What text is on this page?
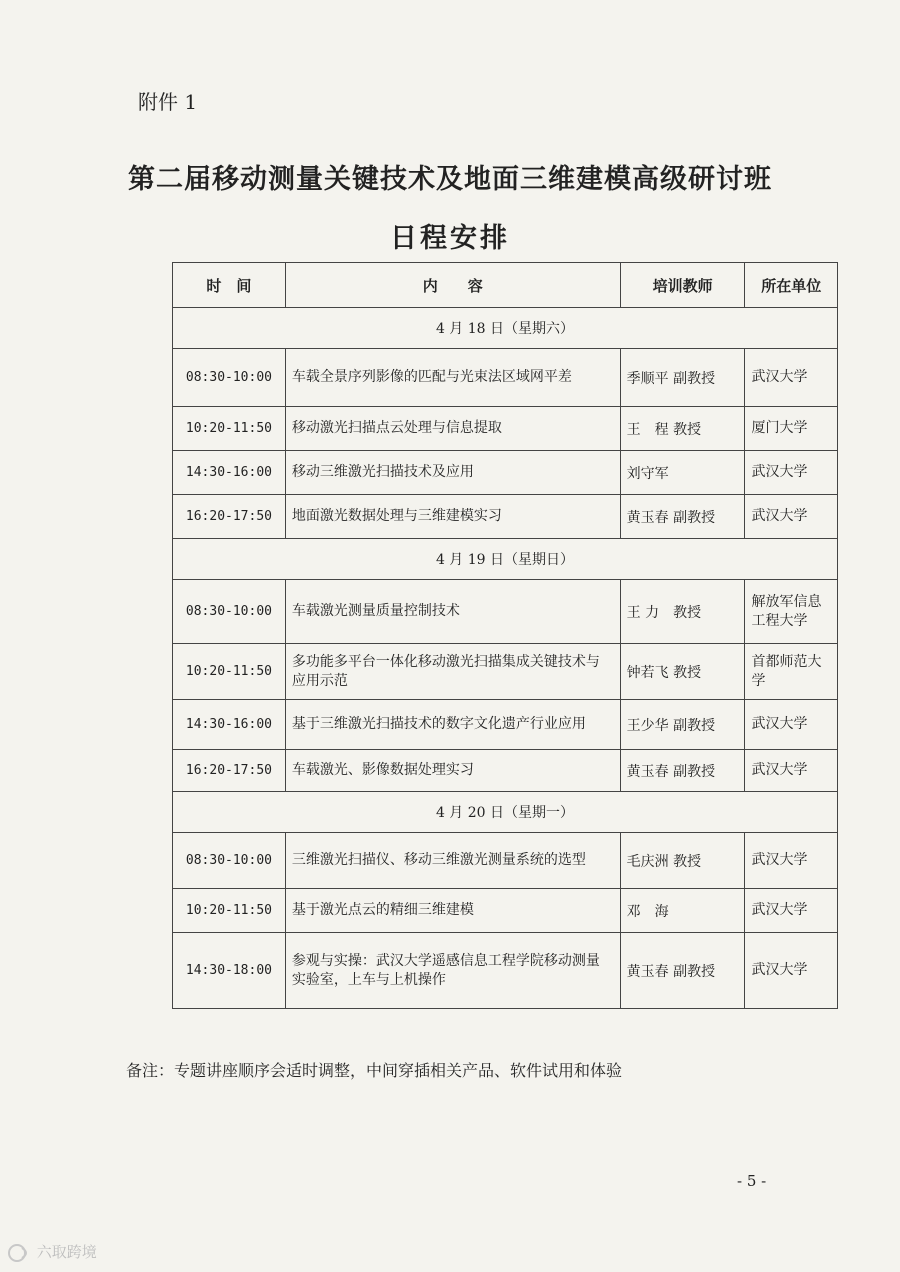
附件 1
第二届移动测量关键技术及地面三维建模高级研讨班
日程安排
时　间	内　　容	培训教师	所在单位
4 月 18 日（星期六）			
08:30-10:00	车载全景序列影像的匹配与光束法区域网平差	季顺平 副教授	武汉大学
10:20-11:50	移动激光扫描点云处理与信息提取	王　程 教授	厦门大学
14:30-16:00	移动三维激光扫描技术及应用	刘守军	武汉大学
16:20-17:50	地面激光数据处理与三维建模实习	黄玉春 副教授	武汉大学
4 月 19 日（星期日）			
08:30-10:00	车载激光测量质量控制技术	王 力　教授	解放军信息工程大学
10:20-11:50	多功能多平台一体化移动激光扫描集成关键技术与应用示范	钟若飞 教授	首都师范大学
14:30-16:00	基于三维激光扫描技术的数字文化遗产行业应用	王少华 副教授	武汉大学
16:20-17:50	车载激光、影像数据处理实习	黄玉春 副教授	武汉大学
4 月 20 日（星期一）			
08:30-10:00	三维激光扫描仪、移动三维激光测量系统的选型	毛庆洲 教授	武汉大学
10:20-11:50	基于激光点云的精细三维建模	邓　海	武汉大学
14:30-18:00	参观与实操：武汉大学遥感信息工程学院移动测量实验室，上车与上机操作	黄玉春 副教授	武汉大学
备注：专题讲座顺序会适时调整，中间穿插相关产品、软件试用和体验
- 5 -
六取跨境
